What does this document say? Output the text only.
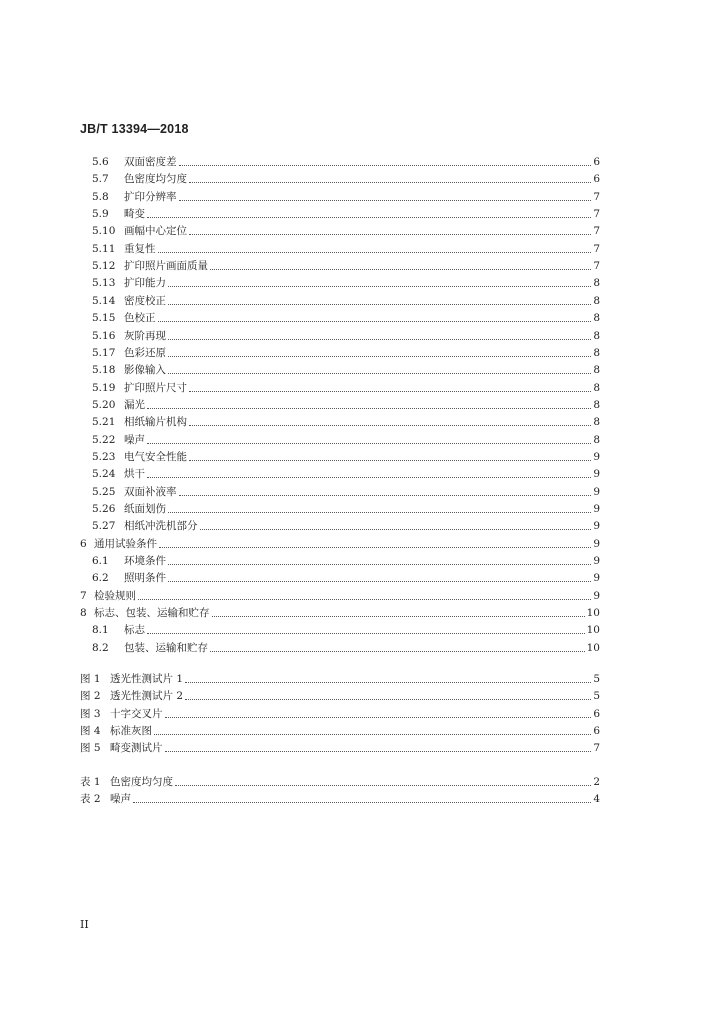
JB/T 13394—2018
5.6	双面密度差	6
5.7	色密度均匀度	6
5.8	扩印分辨率	7
5.9	畸变	7
5.10 画幅中心定位	7
5.11 重复性	7
5.12 扩印照片画面质量	7
5.13 扩印能力	8
5.14 密度校正	8
5.15 色校正	8
5.16 灰阶再现	8
5.17 色彩还原	8
5.18 影像输入	8
5.19 扩印照片尺寸	8
5.20 漏光	8
5.21 相纸输片机构	8
5.22 噪声	8
5.23 电气安全性能	9
5.24 烘干	9
5.25 双面补液率	9
5.26 纸面划伤	9
5.27 相纸冲洗机部分	9
6 通用试验条件	9
6.1	环境条件	9
6.2	照明条件	9
7 检验规则	9
8 标志、包装、运输和贮存	10
8.1	标志	10
8.2	包装、运输和贮存	10
图 1 透光性测试片 1	5
图 2 透光性测试片 2	5
图 3 十字交叉片	6
图 4 标准灰图	6
图 5 畸变测试片	7
表 1 色密度均匀度	2
表 2 噪声	4
II
